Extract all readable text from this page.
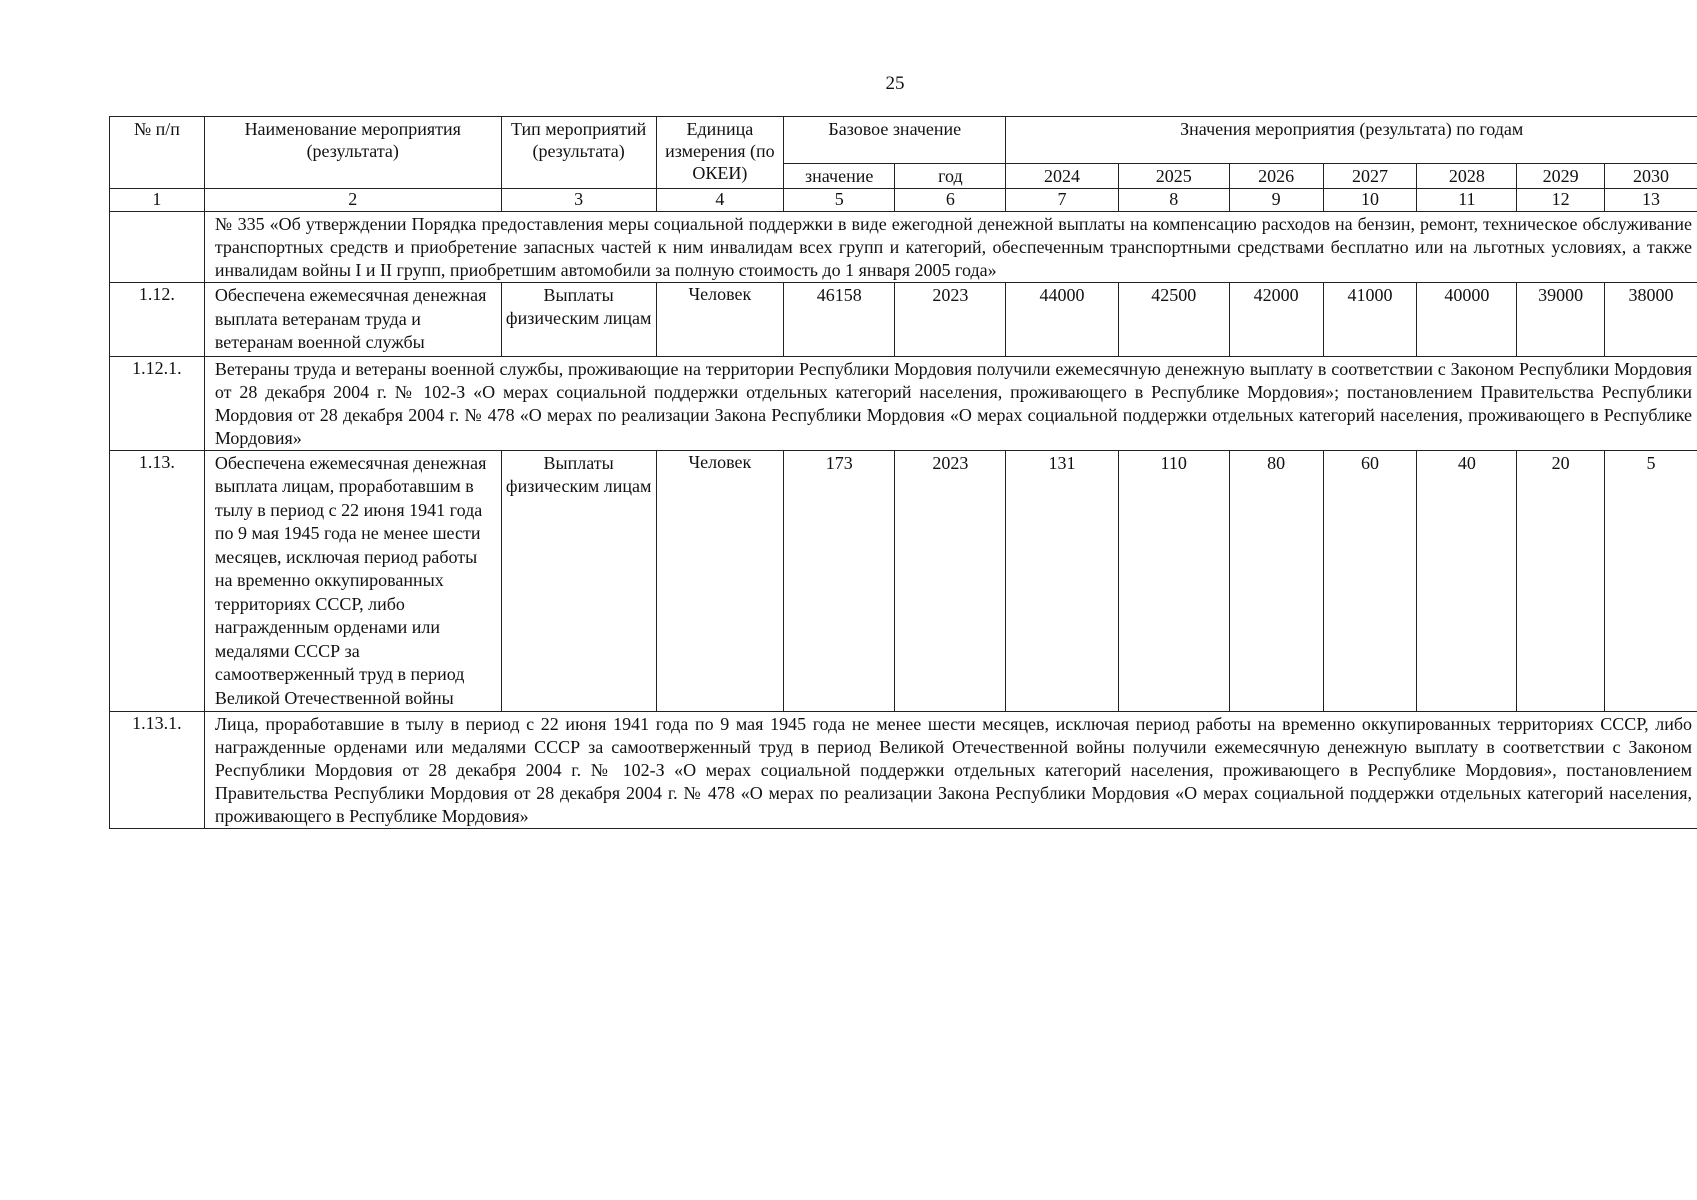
25
№ п/п	Наименование мероприятия (результата)	Тип мероприятий (результата)	Единица измерения (по ОКЕИ)	Базовое значение		Значения мероприятия (результата) по годам						
				значение	год	2024	2025	2026	2027	2028	2029	2030
1	2	3	4	5	6	7	8	9	10	11	12	13
	№ 335 «Об утверждении Порядка предоставления меры социальной поддержки в виде ежегодной денежной выплаты на компенсацию расходов на бензин, ремонт, техническое обслуживание транспортных средств и приобретение запасных частей к ним инвалидам всех групп и категорий, обеспеченным транспортными средствами бесплатно или на льготных условиях, а также инвалидам войны I и II групп, приобретшим автомобили за полную стоимость до 1 января 2005 года»											
1.12.	Обеспечена ежемесячная денежная выплата ветеранам труда и ветеранам военной службы	Выплаты физическим лицам	Человек	46158	2023	44000	42500	42000	41000	40000	39000	38000
1.12.1.	Ветераны труда и ветераны военной службы, проживающие на территории Республики Мордовия получили ежемесячную денежную выплату в соответствии с Законом Республики Мордовия от 28 декабря 2004 г. № 102-З «О мерах социальной поддержки отдельных категорий населения, проживающего в Республике Мордовия»; постановлением Правительства Республики Мордовия от 28 декабря 2004 г. № 478 «О мерах по реализации Закона Республики Мордовия «О мерах социальной поддержки отдельных категорий населения, проживающего в Республике Мордовия»											
1.13.	Обеспечена ежемесячная денежная выплата лицам, проработавшим в тылу в период с 22 июня 1941 года по 9 мая 1945 года не менее шести месяцев, исключая период работы на временно оккупированных территориях СССР, либо награжденным орденами или медалями СССР за самоотверженный труд в период Великой Отечественной войны	Выплаты физическим лицам	Человек	173	2023	131	110	80	60	40	20	5
1.13.1.	Лица, проработавшие в тылу в период с 22 июня 1941 года по 9 мая 1945 года не менее шести месяцев, исключая период работы на временно оккупированных территориях СССР, либо награжденные орденами или медалями СССР за самоотверженный труд в период Великой Отечественной войны получили ежемесячную денежную выплату в соответствии с Законом Республики Мордовия от 28 декабря 2004 г. № 102-З «О мерах социальной поддержки отдельных категорий населения, проживающего в Республике Мордовия», постановлением Правительства Республики Мордовия от 28 декабря 2004 г. № 478 «О мерах по реализации Закона Республики Мордовия «О мерах социальной поддержки отдельных категорий населения, проживающего в Республике Мордовия»											
